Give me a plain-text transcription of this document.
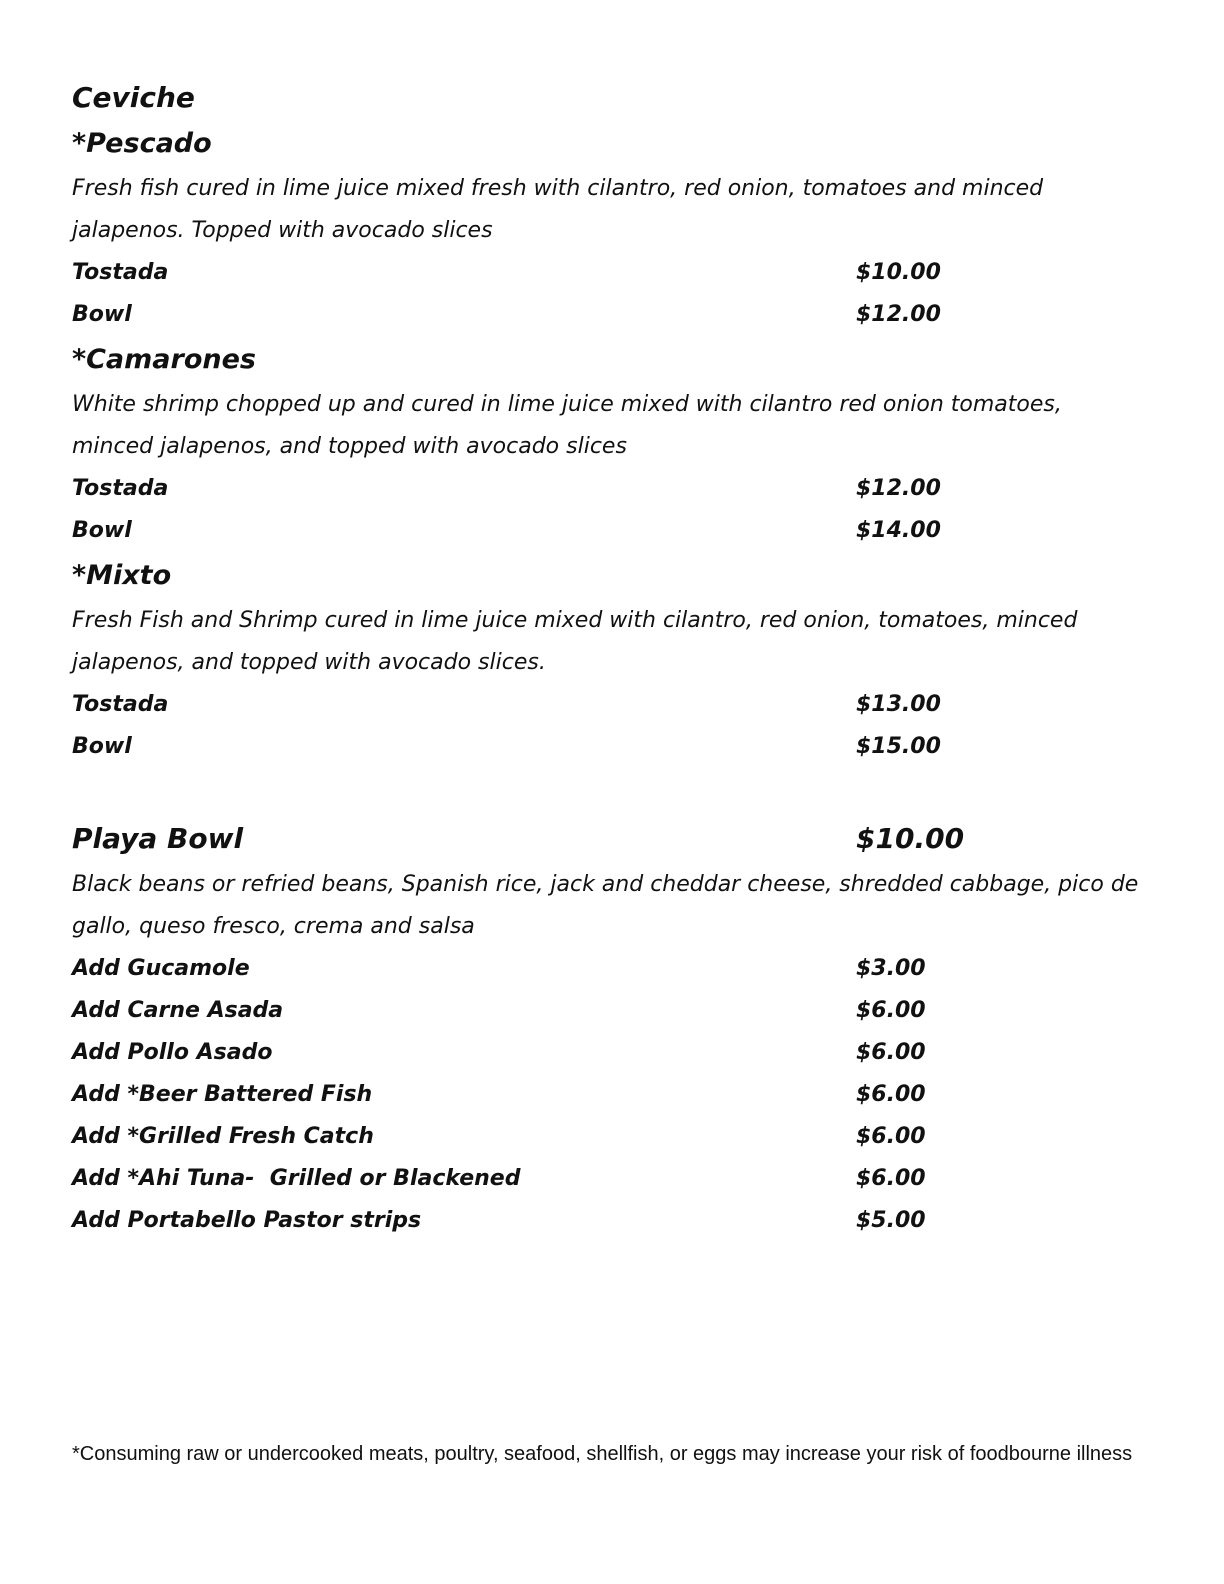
Ceviche
*Pescado
Fresh fish cured in lime juice mixed fresh with cilantro, red onion, tomatoes and minced jalapenos. Topped with avocado slices
Tostada	$10.00
Bowl	$12.00
*Camarones
White shrimp chopped up and cured in lime juice mixed with cilantro red onion tomatoes, minced jalapenos, and topped with avocado slices
Tostada	$12.00
Bowl	$14.00
*Mixto
Fresh Fish and Shrimp cured in lime juice mixed with cilantro, red onion, tomatoes, minced jalapenos, and topped with avocado slices.
Tostada	$13.00
Bowl	$15.00
Playa Bowl	$10.00
Black beans or refried beans, Spanish rice, jack and cheddar cheese, shredded cabbage, pico de gallo, queso fresco, crema and salsa
Add Gucamole	$3.00
Add Carne Asada	$6.00
Add Pollo Asado	$6.00
Add *Beer Battered Fish	$6.00
Add *Grilled Fresh Catch	$6.00
Add *Ahi Tuna-  Grilled or Blackened	$6.00
Add Portabello Pastor strips	$5.00
*Consuming raw or undercooked meats, poultry, seafood, shellfish, or eggs may increase your risk of foodbourne illness
